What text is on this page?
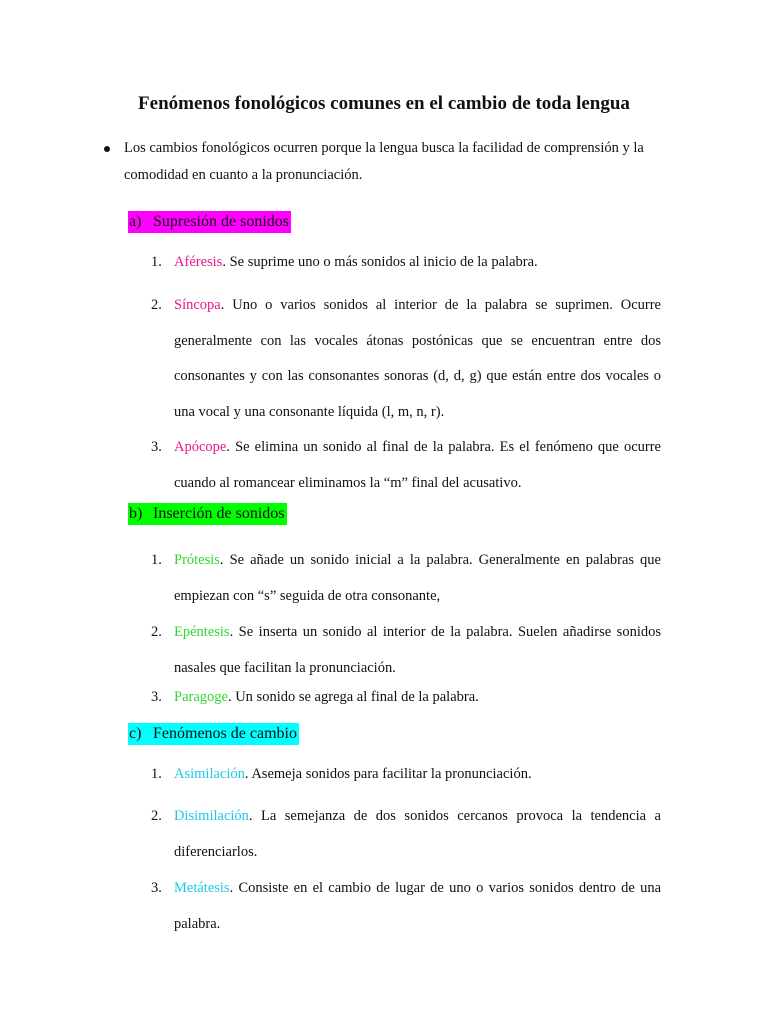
Fenómenos fonológicos comunes en el cambio de toda lengua
Los cambios fonológicos ocurren porque la lengua busca la facilidad de comprensión y la comodidad en cuanto a la pronunciación.
a) Supresión de sonidos
1. Aféresis. Se suprime uno o más sonidos al inicio de la palabra.
2. Síncopa. Uno o varios sonidos al interior de la palabra se suprimen. Ocurre generalmente con las vocales átonas postónicas que se encuentran entre dos consonantes y con las consonantes sonoras (d, d, g) que están entre dos vocales o una vocal y una consonante líquida (l, m, n, r).
3. Apócope. Se elimina un sonido al final de la palabra. Es el fenómeno que ocurre cuando al romancear eliminamos la “m” final del acusativo.
b) Inserción de sonidos
1. Prótesis. Se añade un sonido inicial a la palabra. Generalmente en palabras que empiezan con “s” seguida de otra consonante,
2. Epéntesis. Se inserta un sonido al interior de la palabra. Suelen añadirse sonidos nasales que facilitan la pronunciación.
3. Paragoge. Un sonido se agrega al final de la palabra.
c) Fenómenos de cambio
1. Asimilación. Asemeja sonidos para facilitar la pronunciación.
2. Disimilación. La semejanza de dos sonidos cercanos provoca la tendencia a diferenciarlos.
3. Metátesis. Consiste en el cambio de lugar de uno o varios sonidos dentro de una palabra.
